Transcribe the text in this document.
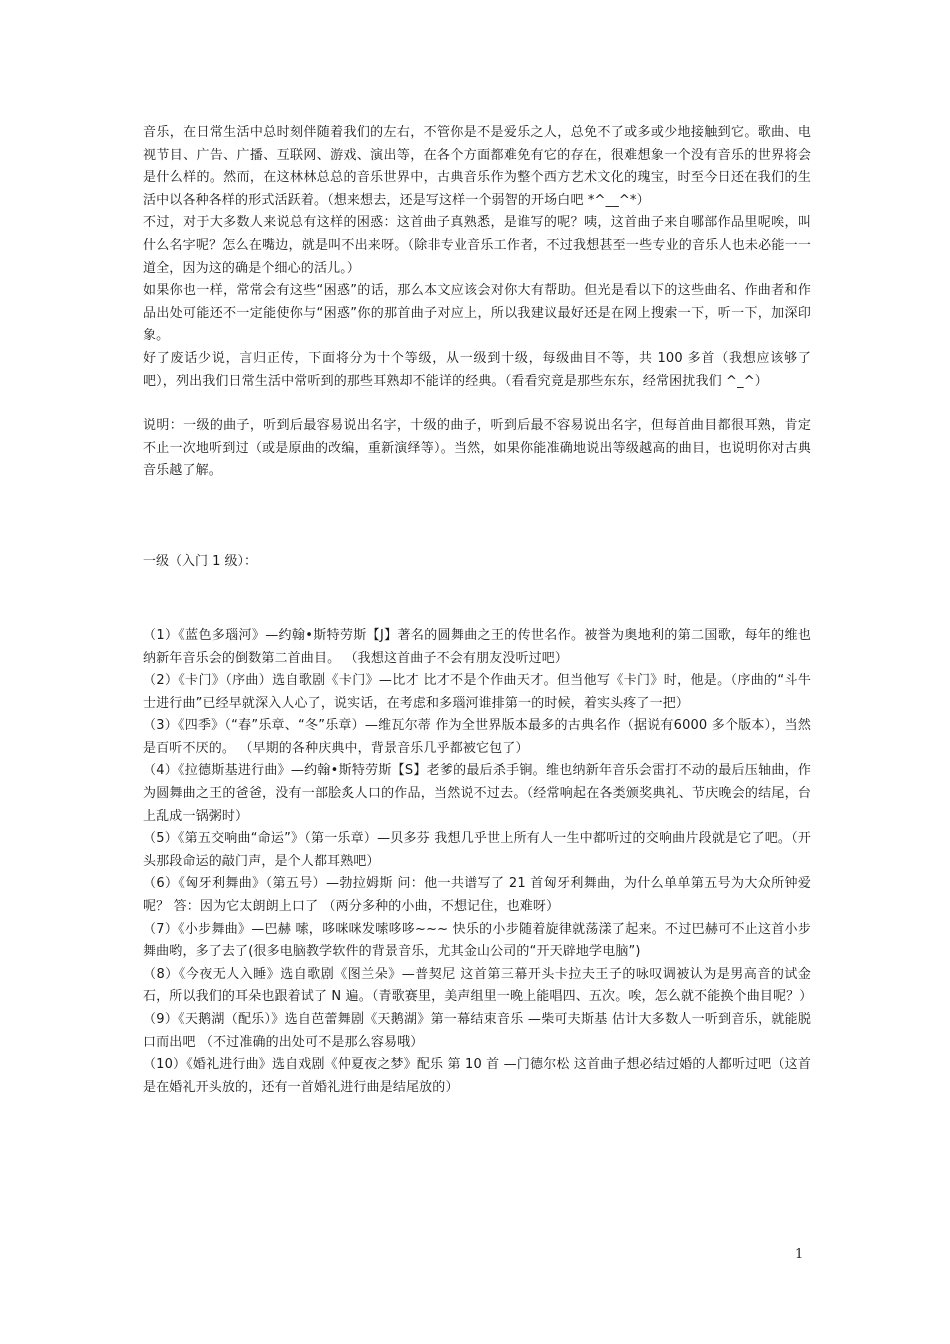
音乐，在日常生活中总时刻伴随着我们的左右，不管你是不是爱乐之人，总免不了或多或少地接触到它。歌曲、电视节目、广告、广播、互联网、游戏、演出等，在各个方面都难免有它的存在，很难想象一个没有音乐的世界将会是什么样的。然而，在这林林总总的音乐世界中，古典音乐作为整个西方艺术文化的瑰宝，时至今日还在我们的生活中以各种各样的形式活跃着。（想来想去，还是写这样一个弱智的开场白吧 *^__^*）

不过，对于大多数人来说总有这样的困惑：这首曲子真熟悉，是谁写的呢？咦，这首曲子来自哪部作品里呢唉，叫什么名字呢？怎么在嘴边，就是叫不出来呀。（除非专业音乐工作者，不过我想甚至一些专业的音乐人也未必能一一道全，因为这的确是个细心的活儿。）

如果你也一样，常常会有这些“困惑”的话，那么本文应该会对你大有帮助。但光是看以下的这些曲名、作曲者和作品出处可能还不一定能使你与“困惑”你的那首曲子对应上，所以我建议最好还是在网上搜索一下，听一下，加深印象。

好了废话少说，言归正传，下面将分为十个等级，从一级到十级，每级曲目不等，共 100 多首（我想应该够了吧），列出我们日常生活中常听到的那些耳熟却不能详的经典。（看看究竟是那些东东，经常困扰我们 ^_^）

说明：一级的曲子，听到后最容易说出名字，十级的曲子，听到后最不容易说出名字，但每首曲目都很耳熟，肯定不止一次地听到过（或是原曲的改编，重新演绎等）。当然，如果你能准确地说出等级越高的曲目，也说明你对古典音乐越了解。

一级（入门 1 级）：

（1）《蓝色多瑙河》—约翰•斯特劳斯【J】著名的圆舞曲之王的传世名作。被誉为奥地利的第二国歌，每年的维也纳新年音乐会的倒数第二首曲目。 （我想这首曲子不会有朋友没听过吧）

（2）《卡门》（序曲）选自歌剧《卡门》—比才 比才不是个作曲天才。但当他写《卡门》时，他是。（序曲的“斗牛士进行曲”已经早就深入人心了，说实话，在考虑和多瑙河谁排第一的时候，着实头疼了一把）

（3）《四季》（“春”乐章、“冬”乐章）—维瓦尔蒂 作为全世界版本最多的古典名作（据说有6000 多个版本），当然是百听不厌的。 （早期的各种庆典中，背景音乐几乎都被它包了）

（4）《拉德斯基进行曲》—约翰•斯特劳斯【S】老爹的最后杀手锏。维也纳新年音乐会雷打不动的最后压轴曲，作为圆舞曲之王的爸爸，没有一部脍炙人口的作品，当然说不过去。（经常响起在各类颁奖典礼、节庆晚会的结尾，台上乱成一锅粥时）

（5）《第五交响曲“命运”》（第一乐章）—贝多芬 我想几乎世上所有人一生中都听过的交响曲片段就是它了吧。（开头那段命运的敲门声，是个人都耳熟吧）

（6）《匈牙利舞曲》（第五号）—勃拉姆斯 问：他一共谱写了 21 首匈牙利舞曲，为什么单单第五号为大众所钟爱呢？ 答：因为它太朗朗上口了 （两分多种的小曲，不想记住，也难呀）

（7）《小步舞曲》—巴赫 嗦，哆咪咪发嗦哆哆~~~ 快乐的小步随着旋律就荡漾了起来。不过巴赫可不止这首小步舞曲哟，多了去了(很多电脑教学软件的背景音乐，尤其金山公司的“开天辟地学电脑”)

（8）《今夜无人入睡》选自歌剧《图兰朵》—普契尼 这首第三幕开头卡拉夫王子的咏叹调被认为是男高音的试金石，所以我们的耳朵也跟着试了 N 遍。（青歌赛里，美声组里一晚上能唱四、五次。唉，怎么就不能换个曲目呢？）

（9）《天鹅湖（配乐）》选自芭蕾舞剧《天鹅湖》第一幕结束音乐 —柴可夫斯基 估计大多数人一听到音乐，就能脱口而出吧 （不过准确的出处可不是那么容易哦）

（10）《婚礼进行曲》选自戏剧《仲夏夜之梦》配乐 第 10 首 —门德尔松 这首曲子想必结过婚的人都听过吧（这首是在婚礼开头放的，还有一首婚礼进行曲是结尾放的）

1
